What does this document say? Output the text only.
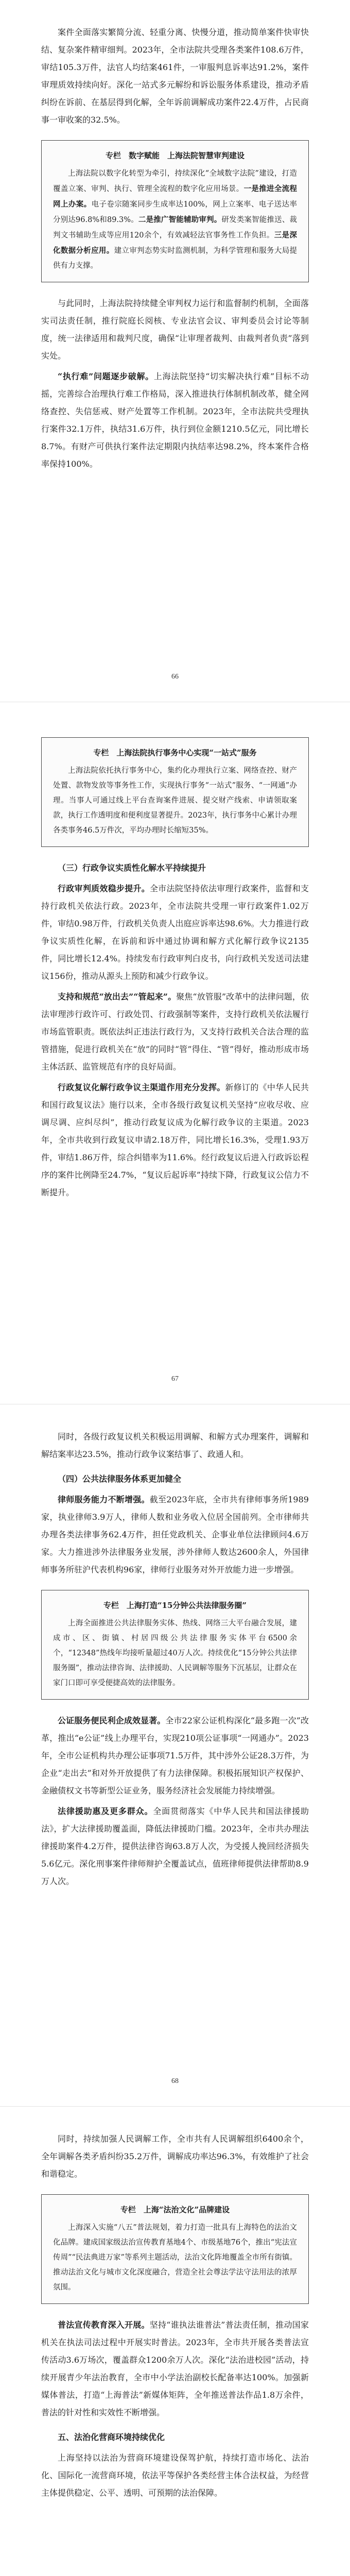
案件全面落实繁简分流、轻重分离、快慢分道，推动简单案件快审快结、复杂案件精审细判。2023年，全市法院共受理各类案件108.6万件，审结105.3万件，法官人均结案461件，一审服判息诉率达91.2%，案件审理质效持续向好。深化一站式多元解纷和诉讼服务体系建设，推动矛盾纠纷在诉前、在基层得到化解，全年诉前调解成功案件22.4万件，占民商事一审收案的32.5%。

专栏　数字赋能　上海法院智慧审判建设

上海法院以数字化转型为牵引，持续深化“全域数字法院”建设，打造覆盖立案、审判、执行、管理全流程的数字化应用场景。一是推进全流程网上办案。电子卷宗随案同步生成率达100%，网上立案率、电子送达率分别达96.8%和89.3%。二是推广智能辅助审判。研发类案智能推送、裁判文书辅助生成等应用120余个，有效减轻法官事务性工作负担。三是深化数据分析应用。建立审判态势实时监测机制，为科学管理和服务大局提供有力支撑。

与此同时，上海法院持续健全审判权力运行和监督制约机制，全面落实司法责任制，推行院庭长阅核、专业法官会议、审判委员会讨论等制度，统一法律适用和裁判尺度，确保“让审理者裁判、由裁判者负责”落到实处。

“执行难”问题逐步破解。上海法院坚持“切实解决执行难”目标不动摇，完善综合治理执行难工作格局，深入推进执行体制机制改革，健全网络查控、失信惩戒、财产处置等工作机制。2023年，全市法院共受理执行案件32.1万件，执结31.6万件，执行到位金额1210.5亿元，同比增长8.7%。有财产可供执行案件法定期限内执结率达98.2%，终本案件合格率保持100%。

66
专栏　上海法院执行事务中心实现“一站式”服务

上海法院依托执行事务中心，集约化办理执行立案、网络查控、财产处置、款物发放等事务性工作，实现执行事务“一站式”服务、“一网通”办理。当事人可通过线上平台查询案件进展、提交财产线索、申请领取案款，执行工作透明度和便利度显著提升。2023年，执行事务中心累计办理各类事务46.5万件次，平均办理时长缩短35%。

（三）行政争议实质性化解水平持续提升

行政审判质效稳步提升。全市法院坚持依法审理行政案件，监督和支持行政机关依法行政。2023年，全市法院共受理一审行政案件1.02万件，审结0.98万件，行政机关负责人出庭应诉率达98.6%。大力推进行政争议实质性化解，在诉前和诉中通过协调和解方式化解行政争议2135件，同比增长12.4%。持续发布行政审判白皮书，向行政机关发送司法建议156份，推动从源头上预防和减少行政争议。

支持和规范“放出去”“管起来”。聚焦“放管服”改革中的法律问题，依法审理涉行政许可、行政处罚、行政强制等案件，支持行政机关依法履行市场监管职责。既依法纠正违法行政行为，又支持行政机关合法合理的监管措施，促进行政机关在“放”的同时“管”得住、“管”得好，推动形成市场主体活跃、监管规范有序的良好局面。

行政复议化解行政争议主渠道作用充分发挥。新修订的《中华人民共和国行政复议法》施行以来，全市各级行政复议机关坚持“应收尽收、应调尽调、应纠尽纠”，推动行政复议成为化解行政争议的主渠道。2023年，全市共收到行政复议申请2.18万件，同比增长16.3%，受理1.93万件，审结1.86万件，综合纠错率为11.6%。经行政复议后进入行政诉讼程序的案件比例降至24.7%，“复议后起诉率”持续下降，行政复议公信力不断提升。

67

同时，各级行政复议机关积极运用调解、和解方式办理案件，调解和解结案率达23.5%，推动行政争议案结事了、政通人和。

（四）公共法律服务体系更加健全

律师服务能力不断增强。截至2023年底，全市共有律师事务所1989家，执业律师3.9万人，律师人数和业务收入位居全国前列。全市律师共办理各类法律事务62.4万件，担任党政机关、企事业单位法律顾问4.6万家。大力推进涉外法律服务业发展，涉外律师人数达2600余人，外国律师事务所驻沪代表机构96家，律师行业服务对外开放能力进一步增强。

专栏　上海打造“15分钟公共法律服务圈”

上海全面推进公共法律服务实体、热线、网络三大平台融合发展，建成市、区、街镇、村居四级公共法律服务实体平台6500余个，“12348”热线年均接听量超过40万人次。持续优化“15分钟公共法律服务圈”，推动法律咨询、法律援助、人民调解等服务下沉基层，让群众在家门口即可享受便捷高效的法律服务。

公证服务便民利企成效显著。全市22家公证机构深化“最多跑一次”改革，推出“e公证”线上办理平台，实现210项公证事项“一网通办”。2023年，全市公证机构共办理公证事项71.5万件，其中涉外公证28.3万件，为企业“走出去”和对外开放提供了有力法律保障。积极拓展知识产权保护、金融债权文书等新型公证业务，服务经济社会发展能力持续增强。

法律援助惠及更多群众。全面贯彻落实《中华人民共和国法律援助法》，扩大法律援助覆盖面，降低法律援助门槛。2023年，全市共办理法律援助案件4.2万件，提供法律咨询63.8万人次，为受援人挽回经济损失5.6亿元。深化刑事案件律师辩护全覆盖试点，值班律师提供法律帮助8.9万人次。

68

同时，持续加强人民调解工作，全市共有人民调解组织6400余个，全年调解各类矛盾纠纷35.2万件，调解成功率达96.3%，有效维护了社会和谐稳定。

专栏　上海“法治文化”品牌建设

上海深入实施“八五”普法规划，着力打造一批具有上海特色的法治文化品牌。建成国家级法治宣传教育基地4个、市级基地76个，推出“宪法宣传周”“民法典进万家”等系列主题活动，法治文化阵地覆盖全市所有街镇。推动法治文化与城市文化深度融合，营造全社会尊法学法守法用法的浓厚氛围。

普法宣传教育深入开展。坚持“谁执法谁普法”普法责任制，推动国家机关在执法司法过程中开展实时普法。2023年，全市共开展各类普法宣传活动3.6万场次，覆盖群众1200余万人次。深化“法治进校园”活动，持续开展青少年法治教育，全市中小学法治副校长配备率达100%。加强新媒体普法，打造“上海普法”新媒体矩阵，全年推送普法作品1.8万余件，普法的针对性和实效性不断增强。

五、法治化营商环境持续优化

上海坚持以法治为营商环境建设保驾护航，持续打造市场化、法治化、国际化一流营商环境，依法平等保护各类经营主体合法权益，为经营主体提供稳定、公平、透明、可预期的法治保障。
